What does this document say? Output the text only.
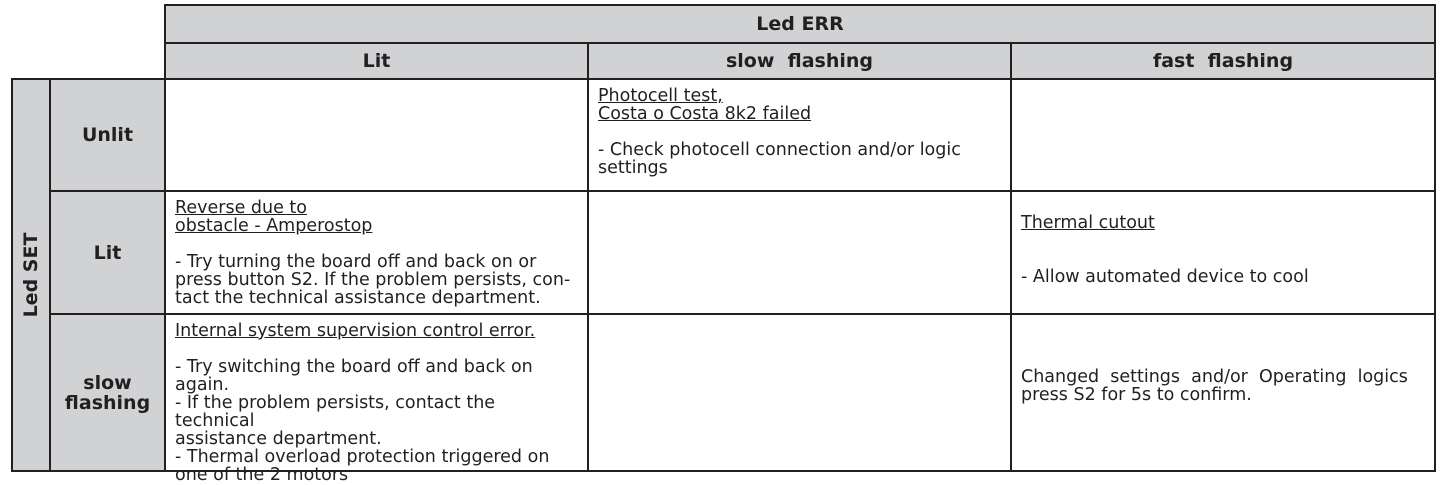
Led ERR
Lit	slow  flashing	fast  flashing
Led SET
Unlit
Lit
slow
flashing

Photocell test,

Costa o Costa 8k2 failed

- Check photocell connection and/or logic

settings

Reverse due to

obstacle - Amperostop

- Try turning the board off and back on or

press button S2. If the problem persists, con-

tact the technical assistance department.

Thermal cutout

- Allow automated device to cool

Internal system supervision control error.

- Try switching the board off and back on

again.

- If the problem persists, contact the technical

assistance department.

- Thermal overload protection triggered on

one of the 2 motors

Changed  settings  and/or  Operating  logics

press S2 for 5s to confirm.
